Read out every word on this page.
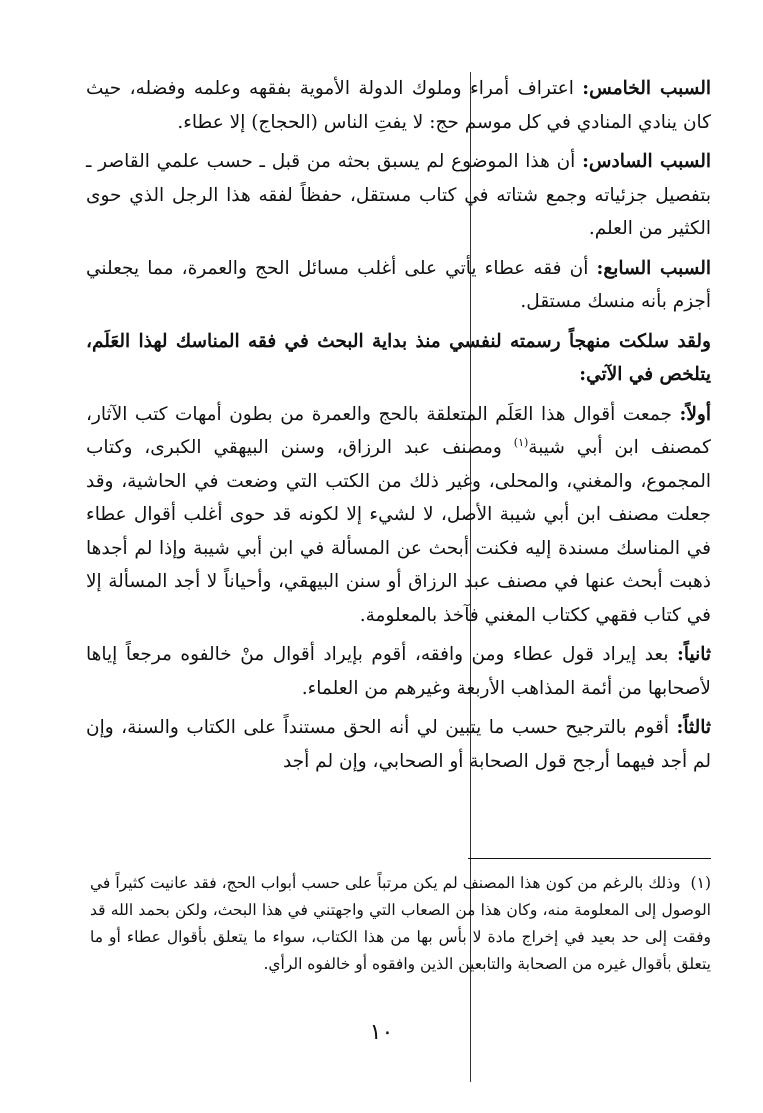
السبب الخامس: اعتراف أمراء وملوك الدولة الأموية بفقهه وعلمه وفضله، حيث كان ينادي المنادي في كل موسم حج: لا يفتِ الناس (الحجاج) إلا عطاء.

السبب السادس: أن هذا الموضوع لم يسبق بحثه من قبل ـ حسب علمي القاصر ـ بتفصيل جزئياته وجمع شتاته في كتاب مستقل، حفظاً لفقه هذا الرجل الذي حوى الكثير من العلم.

السبب السابع: أن فقه عطاء يأتي على أغلب مسائل الحج والعمرة، مما يجعلني أجزم بأنه منسك مستقل.

ولقد سلكت منهجاً رسمته لنفسي منذ بداية البحث في فقه المناسك لهذا العَلَم، يتلخص في الآتي:

أولاً: جمعت أقوال هذا العَلَم المتعلقة بالحج والعمرة من بطون أمهات كتب الآثار، كمصنف ابن أبي شيبة$^{(١)}$ ومصنف عبد الرزاق، وسنن البيهقي الكبرى، وكتاب المجموع، والمغني، والمحلى، وغير ذلك من الكتب التي وضعت في الحاشية، وقد جعلت مصنف ابن أبي شيبة الأصل، لا لشيء إلا لكونه قد حوى أغلب أقوال عطاء في المناسك مسندة إليه فكنت أبحث عن المسألة في ابن أبي شيبة وإذا لم أجدها ذهبت أبحث عنها في مصنف عبد الرزاق أو سنن البيهقي، وأحياناً لا أجد المسألة إلا في كتاب فقهي ككتاب المغني فآخذ بالمعلومة.

ثانياً: بعد إيراد قول عطاء ومن وافقه، أقوم بإيراد أقوال منْ خالفوه مرجعاً إياها لأصحابها من أئمة المذاهب الأربعة وغيرهم من العلماء.

ثالثاً: أقوم بالترجيح حسب ما يتبين لي أنه الحق مستنداً على الكتاب والسنة، وإن لم أجد فيهما أرجح قول الصحابة أو الصحابي، وإن لم أجد

(١)وذلك بالرغم من كون هذا المصنف لم يكن مرتباً على حسب أبواب الحج، فقد عانيت كثيراً في الوصول إلى المعلومة منه، وكان هذا من الصعاب التي واجهتني في هذا البحث، ولكن بحمد الله قد وفقت إلى حد بعيد في إخراج مادة لا بأس بها من هذا الكتاب، سواء ما يتعلق بأقوال عطاء أو ما يتعلق بأقوال غيره من الصحابة والتابعين الذين وافقوه أو خالفوه الرأي.
١٠
